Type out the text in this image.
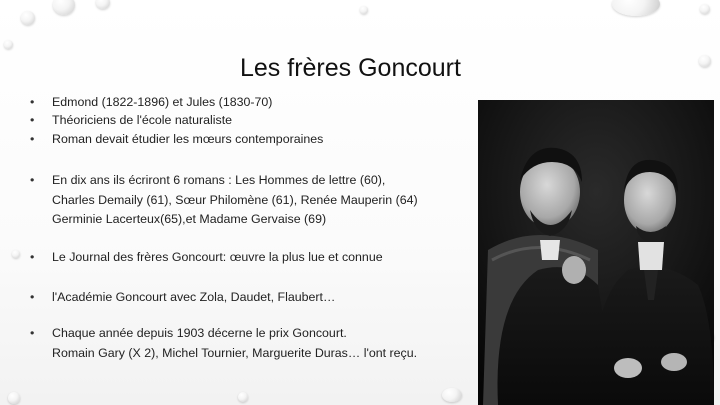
Les frères Goncourt
•	Edmond (1822-1896) et Jules (1830-70)
•	Théoriciens de l'école naturaliste
•	Roman devait étudier les mœurs contemporaines
•	En dix ans ils écriront 6 romans : Les Hommes de lettre (60),
Charles Demaily (61), Sœur Philomène (61), Renée Mauperin (64)
Germinie Lacerteux(65),et Madame Gervaise (69)
•	Le Journal des frères Goncourt: œuvre la plus lue et connue
•	l'Académie Goncourt avec Zola, Daudet, Flaubert…
•	Chaque année depuis 1903 décerne le prix Goncourt.
Romain Gary (X 2), Michel Tournier, Marguerite Duras… l'ont reçu.
